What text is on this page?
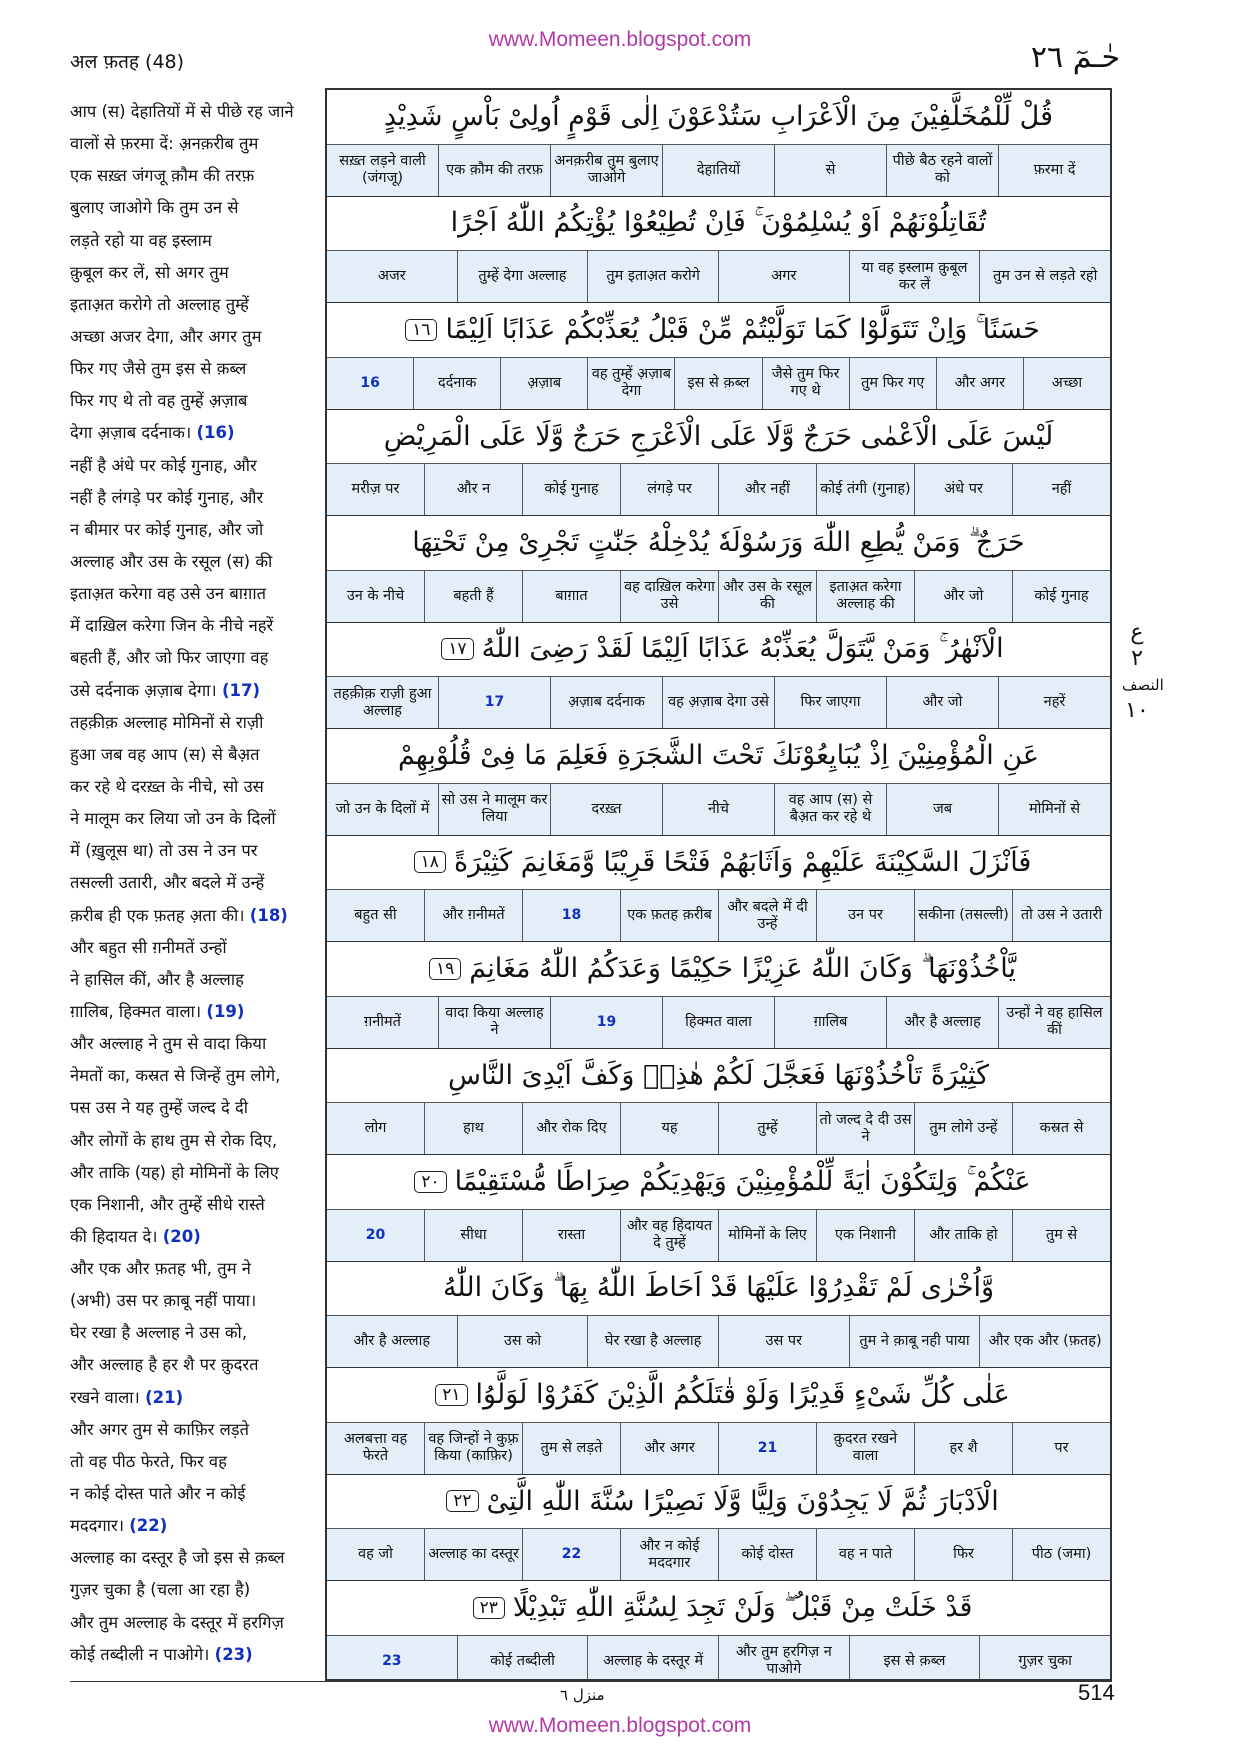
www.Momeen.blogspot.com
अल फ़तह (48)	حٰـمٓ ۲٦
आप (स) देहातियों में से पीछे रह जाने
वालों से फ़रमा दें: अ़नक़रीब तुम
एक सख़्त जंगजू क़ौम की तरफ़
बुलाए जाओगे कि तुम उन से
लड़ते रहो या वह इस्लाम
क़ुबूल कर लें, सो अगर तुम
इताअ़त करोगे तो अल्लाह तुम्हें
अच्छा अजर देगा, और अगर तुम
फिर गए जैसे तुम इस से क़ब्ल
फिर गए थे तो वह तुम्हें अ़ज़ाब
देगा अ़ज़ाब दर्दनाक। (16)
नहीं है अंधे पर कोई गुनाह, और
नहीं है लंगड़े पर कोई गुनाह, और
न बीमार पर कोई गुनाह, और जो
अल्लाह और उस के रसूल (स) की
इताअ़त करेगा वह उसे उन बाग़ात
में दाख़िल करेगा जिन के नीचे नहरें
बहती हैं, और जो फिर जाएगा वह
उसे दर्दनाक अ़ज़ाब देगा। (17)
तहक़ीक़ अल्लाह मोमिनों से राज़ी
हुआ जब वह आप (स) से बैअ़त
कर रहे थे दरख़्त के नीचे, सो उस
ने मालूम कर लिया जो उन के दिलों
में (ख़ुलूस था) तो उस ने उन पर
तसल्ली उतारी, और बदले में उन्हें
क़रीब ही एक फ़तह अ़ता की। (18)
और बहुत सी ग़नीमतें उन्हों
ने हासिल कीं, और है अल्लाह
ग़ालिब, हिक्मत वाला। (19)
और अल्लाह ने तुम से वादा किया
नेमतों का, कस्रत से जिन्हें तुम लोगे,
पस उस ने यह तुम्हें जल्द दे दी
और लोगों के हाथ तुम से रोक दिए,
और ताकि (यह) हो मोमिनों के लिए
एक निशानी, और तुम्हें सीधे रास्ते
की हिदायत दे। (20)
और एक और फ़तह भी, तुम ने
(अभी) उस पर क़ाबू नहीं पाया।
घेर रखा है अल्लाह ने उस को,
और अल्लाह है हर शै पर क़ुदरत
रखने वाला। (21)
और अगर तुम से काफ़िर लड़ते
तो वह पीठ फेरते, फिर वह
न कोई दोस्त पाते और न कोई
मददगार। (22)
अल्लाह का दस्तूर है जो इस से क़ब्ल
गुज़र चुका है (चला आ रहा है)
और तुम अल्लाह के दस्तूर में हरगिज़
कोई तब्दीली न पाओगे। (23)
قُلْ لِّلْمُخَلَّفِيْنَ مِنَ الْاَعْرَابِ سَتُدْعَوْنَ اِلٰى قَوْمٍ اُولِىْ بَاْسٍ شَدِيْدٍ
फ़रमा दें
पीछे बैठ रहने वालों को
से
देहातियों
अनक़रीब तुम बुलाए जाओगे
एक क़ौम की तरफ़
सख़्त लड़ने वाली (जंगजू)
تُقَاتِلُوْنَهُمْ اَوْ يُسْلِمُوْنَ ۚ فَاِنْ تُطِيْعُوْا يُؤْتِكُمُ اللّٰهُ اَجْرًا
तुम उन से लड़ते रहो
या वह इस्लाम क़ुबूल कर लें
अगर
तुम इताअ़त करोगे
तुम्हें देगा अल्लाह
अजर
حَسَنًا ۚ وَاِنْ تَتَوَلَّوْا كَمَا تَوَلَّيْتُمْ مِّنْ قَبْلُ يُعَذِّبْكُمْ عَذَابًا اَلِيْمًا
۱٦
अच्छा
और अगर
तुम फिर गए
जैसे तुम फिर गए थे
इस से क़ब्ल
वह तुम्हें अ़ज़ाब देगा
अ़ज़ाब
दर्दनाक
16
لَيْسَ عَلَى الْاَعْمٰى حَرَجٌ وَّلَا عَلَى الْاَعْرَجِ حَرَجٌ وَّلَا عَلَى الْمَرِيْضِ
नहीं
अंधे पर
कोई तंगी (गुनाह)
और नहीं
लंगड़े पर
कोई गुनाह
और न
मरीज़ पर
حَرَجٌ ۗ وَمَنْ يُّطِعِ اللّٰهَ وَرَسُوْلَهٗ يُدْخِلْهُ جَنّٰتٍ تَجْرِىْ مِنْ تَحْتِهَا
कोई गुनाह
और जो
इताअ़त करेगा अल्लाह की
और उस के रसूल की
वह दाख़िल करेगा उसे
बाग़ात
बहती हैं
उन के नीचे
الْاَنْهٰرُ ۚ وَمَنْ يَّتَوَلَّ يُعَذِّبْهُ عَذَابًا اَلِيْمًا لَقَدْ رَضِىَ اللّٰهُ
۱۷
नहरें
और जो
फिर जाएगा
वह अ़ज़ाब देगा उसे
अ़ज़ाब दर्दनाक
17
तहक़ीक़ राज़ी हुआ अल्लाह
عَنِ الْمُؤْمِنِيْنَ اِذْ يُبَايِعُوْنَكَ تَحْتَ الشَّجَرَةِ فَعَلِمَ مَا فِىْ قُلُوْبِهِمْ
मोमिनों से
जब
वह आप (स) से बैअ़त कर रहे थे
नीचे
दरख़्त
सो उस ने मालूम कर लिया
जो उन के दिलों में
فَاَنْزَلَ السَّكِيْنَةَ عَلَيْهِمْ وَاَثَابَهُمْ فَتْحًا قَرِيْبًا وَّمَغَانِمَ كَثِيْرَةً
۱۸
तो उस ने उतारी
सकीना (तसल्ली)
उन पर
और बदले में दी उन्हें
एक फ़तह क़रीब
18
और ग़नीमतें
बहुत सी
يَّاْخُذُوْنَهَا ۗ وَكَانَ اللّٰهُ عَزِيْزًا حَكِيْمًا وَعَدَكُمُ اللّٰهُ مَغَانِمَ
۱۹
उन्हों ने वह हासिल कीं
और है अल्लाह
ग़ालिब
हिक्मत वाला
19
वादा किया अल्लाह ने
ग़नीमतें
كَثِيْرَةً تَاْخُذُوْنَهَا فَعَجَّلَ لَكُمْ هٰذِهٖ وَكَفَّ اَيْدِىَ النَّاسِ
कस्रत से
तुम लोगे उन्हें
तो जल्द दे दी उस ने
तुम्हें
यह
और रोक दिए
हाथ
लोग
عَنْكُمْ ۚ وَلِتَكُوْنَ اٰيَةً لِّلْمُؤْمِنِيْنَ وَيَهْدِيَكُمْ صِرَاطًا مُّسْتَقِيْمًا
۲۰
तुम से
और ताकि हो
एक निशानी
मोमिनों के लिए
और वह हिदायत दे तुम्हें
रास्ता
सीधा
20
وَّاُخْرٰى لَمْ تَقْدِرُوْا عَلَيْهَا قَدْ اَحَاطَ اللّٰهُ بِهَا ۗ وَكَانَ اللّٰهُ
और एक और (फ़तह)
तुम ने क़ाबू नही पाया
उस पर
घेर रखा है अल्लाह
उस को
और है अल्लाह
عَلٰى كُلِّ شَىْءٍ قَدِيْرًا وَلَوْ قٰتَلَكُمُ الَّذِيْنَ كَفَرُوْا لَوَلَّوُا
۲۱
पर
हर शै
क़ुदरत रखने वाला
21
और अगर
तुम से लड़ते
वह जिन्हों ने कुफ़्र किया (काफ़िर)
अलबत्ता वह फेरते
الْاَدْبَارَ ثُمَّ لَا يَجِدُوْنَ وَلِيًّا وَّلَا نَصِيْرًا سُنَّةَ اللّٰهِ الَّتِىْ
۲۲
पीठ (जमा)
फिर
वह न पाते
कोई दोस्त
और न कोई मददगार
22
अल्लाह का दस्तूर
वह जो
قَدْ خَلَتْ مِنْ قَبْلُ ۖ وَلَنْ تَجِدَ لِسُنَّةِ اللّٰهِ تَبْدِيْلًا
۲۳
गुज़र चुका
इस से क़ब्ल
और तुम हरगिज़ न पाओगे
अल्लाह के दस्तूर में
कोई तब्दीली
23
ع
۲
النصف
۱۰
منزل ٦	514
www.Momeen.blogspot.com
